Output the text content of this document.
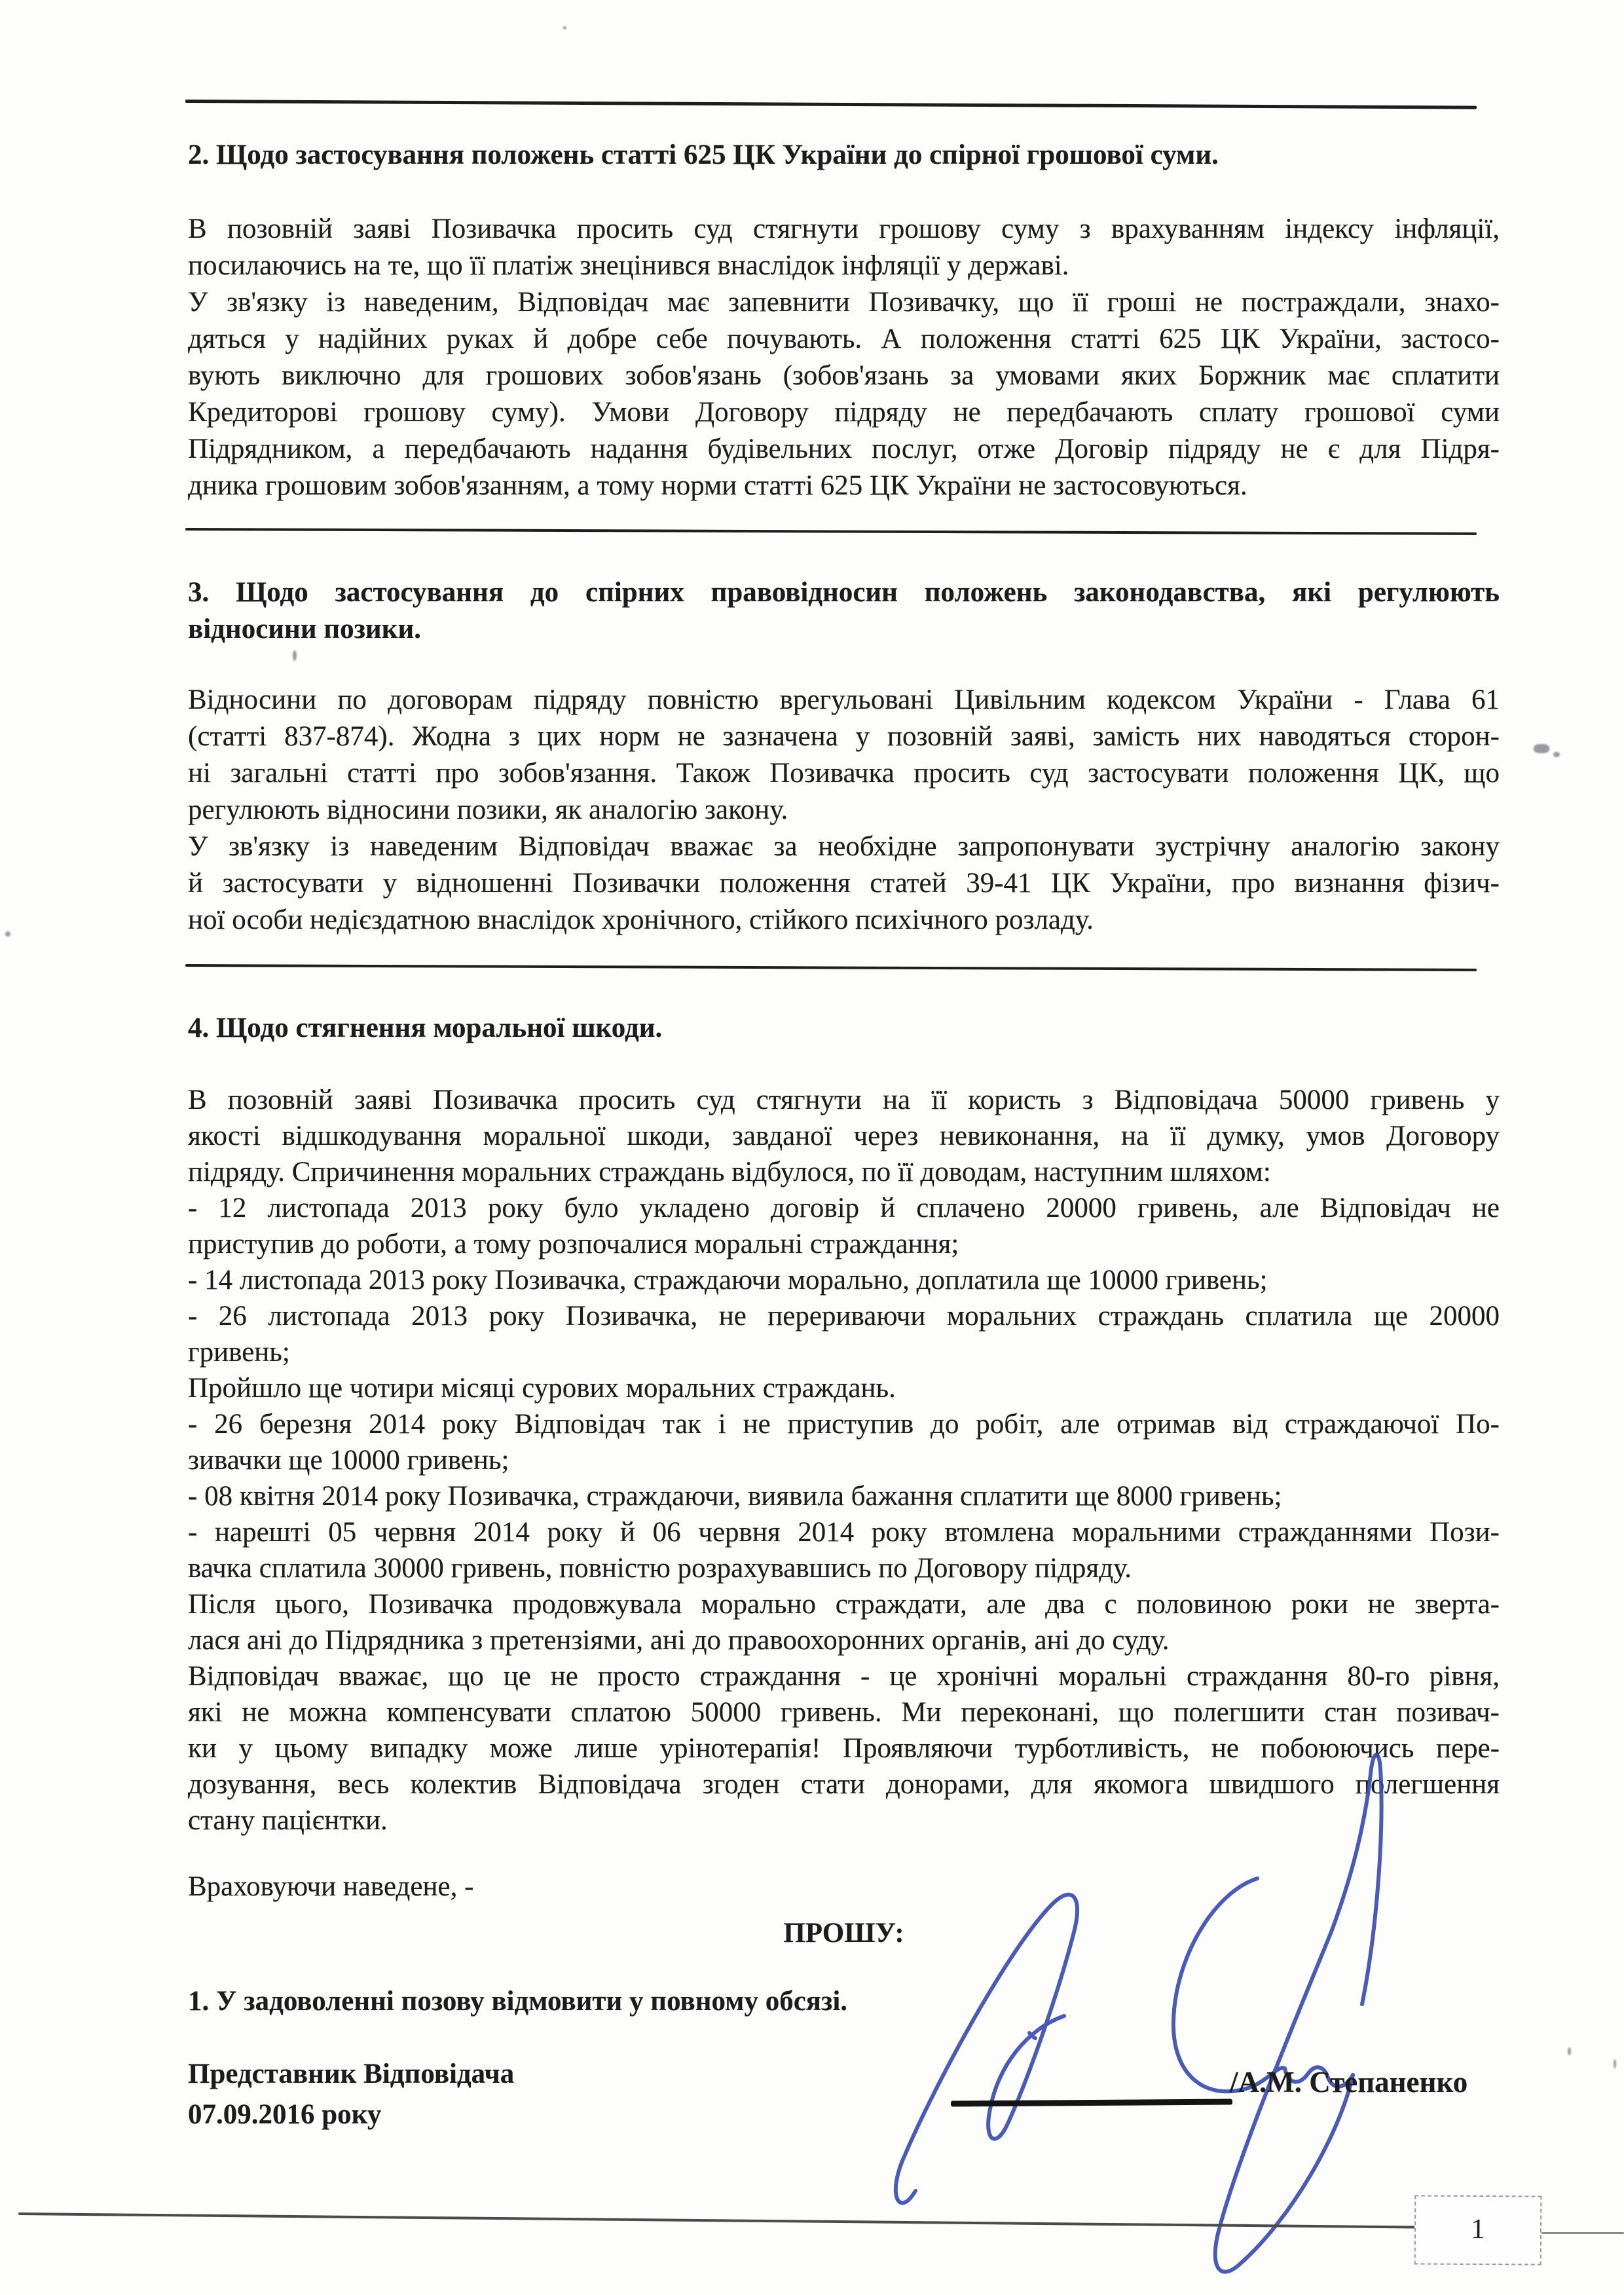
2. Щодо застосування положень статті 625 ЦК України до спірної грошової суми.
В позовній заяві Позивачка просить суд стягнути грошову суму з врахуванням індексу інфляції,
посилаючись на те, що її платіж знецінився внаслідок інфляції у державі.
У зв'язку із наведеним, Відповідач має запевнити Позивачку, що її гроші не постраждали, знахо-
дяться у надійних руках й добре себе почувають. А положення статті 625 ЦК України, застосо-
вують виключно для грошових зобов'язань (зобов'язань за умовами яких Боржник має сплатити
Кредиторові грошову суму). Умови Договору підряду не передбачають сплату грошової суми
Підрядником, а передбачають надання будівельних послуг, отже Договір підряду не є для Підря-
дника грошовим зобов'язанням, а тому норми статті 625 ЦК України не застосовуються.
3. Щодо застосування до спірних правовідносин положень законодавства, які регулюють
відносини позики.
Відносини по договорам підряду повністю врегульовані Цивільним кодексом України - Глава 61
(статті 837-874). Жодна з цих норм не зазначена у позовній заяві, замість них наводяться сторон-
ні загальні статті про зобов'язання. Також Позивачка просить суд застосувати положення ЦК, що
регулюють відносини позики, як аналогію закону.
У зв'язку із наведеним Відповідач вважає за необхідне запропонувати зустрічну аналогію закону
й застосувати у відношенні Позивачки положення статей 39-41 ЦК України, про визнання фізич-
ної особи недієздатною внаслідок хронічного, стійкого психічного розладу.
4. Щодо стягнення моральної шкоди.
В позовній заяві Позивачка просить суд стягнути на її користь з Відповідача 50000 гривень у
якості відшкодування моральної шкоди, завданої через невиконання, на її думку, умов Договору
підряду. Спричинення моральних страждань відбулося, по її доводам, наступним шляхом:
- 12 листопада 2013 року було укладено договір й сплачено 20000 гривень, але Відповідач не
приступив до роботи, а тому розпочалися моральні страждання;
- 14 листопада 2013 року Позивачка, страждаючи морально, доплатила ще 10000 гривень;
- 26 листопада 2013 року Позивачка, не перериваючи моральних страждань сплатила ще 20000
гривень;
Пройшло ще чотири місяці сурових моральних страждань.
- 26 березня 2014 року Відповідач так і не приступив до робіт, але отримав від страждаючої По-
зивачки ще 10000 гривень;
- 08 квітня 2014 року Позивачка, страждаючи, виявила бажання сплатити ще 8000 гривень;
- нарешті 05 червня 2014 року й 06 червня 2014 року втомлена моральними стражданнями Пози-
вачка сплатила 30000 гривень, повністю розрахувавшись по Договору підряду.
Після цього, Позивачка продовжувала морально страждати, але два с половиною роки не зверта-
лася ані до Підрядника з претензіями, ані до правоохоронних органів, ані до суду.
Відповідач вважає, що це не просто страждання - це хронічні моральні страждання 80-го рівня,
які не можна компенсувати сплатою 50000 гривень. Ми переконані, що полегшити стан позивач-
ки у цьому випадку може лише урінотерапія! Проявляючи турботливість, не побоюючись пере-
дозування, весь колектив Відповідача згоден стати донорами, для якомога швидшого полегшення
стану пацієнтки.
Враховуючи наведене, -
ПРОШУ:
1. У задоволенні позову відмовити у повному обсязі.
Представник Відповідача
07.09.2016 року
/А.М. Степаненко
1
